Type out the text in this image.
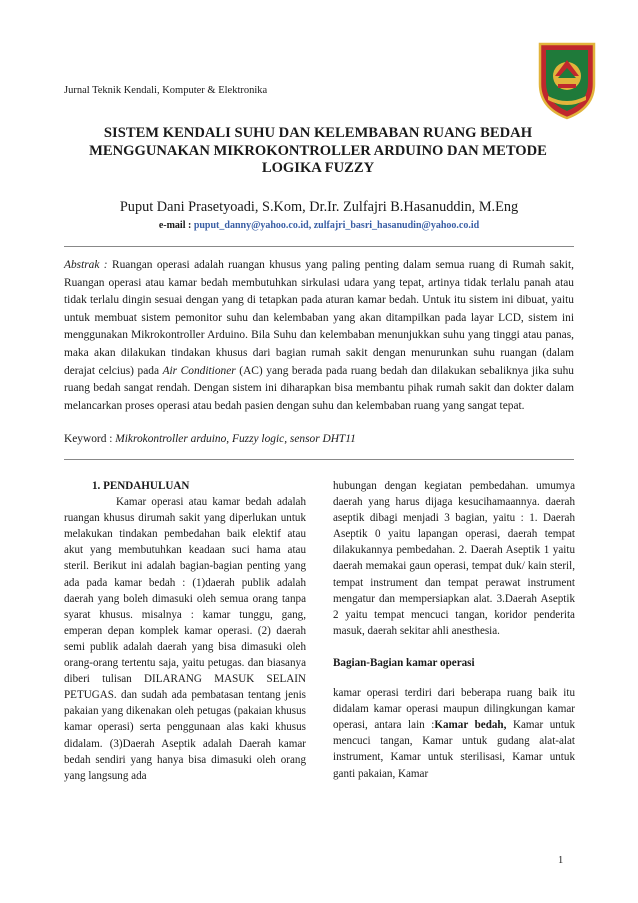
Jurnal Teknik Kendali, Komputer & Elektronika
SISTEM KENDALI SUHU DAN KELEMBABAN RUANG BEDAH
MENGGUNAKAN MIKROKONTROLLER ARDUINO DAN METODE
LOGIKA FUZZY
Puput Dani Prasetyoadi, S.Kom, Dr.Ir. Zulfajri B.Hasanuddin, M.Eng
e-mail : puput_danny@yahoo.co.id, zulfajri_basri_hasanudin@yahoo.co.id
Abstrak : Ruangan operasi adalah ruangan khusus yang paling penting dalam semua ruang di Rumah sakit, Ruangan operasi atau kamar bedah membutuhkan sirkulasi udara yang tepat, artinya tidak terlalu panah atau tidak terlalu dingin sesuai dengan yang di tetapkan pada aturan kamar bedah. Untuk itu sistem ini dibuat, yaitu untuk membuat sistem pemonitor suhu dan kelembaban yang akan ditampilkan pada layar LCD, sistem ini menggunakan Mikrokontroller Arduino. Bila Suhu dan kelembaban menunjukkan suhu yang tinggi atau panas, maka akan dilakukan tindakan khusus dari bagian rumah sakit dengan menurunkan suhu ruangan (dalam derajat celcius) pada Air Conditioner (AC) yang berada pada ruang bedah dan dilakukan sebaliknya jika suhu ruang bedah sangat rendah. Dengan sistem ini diharapkan bisa membantu pihak rumah sakit dan dokter dalam melancarkan proses operasi atau bedah pasien dengan suhu dan kelembaban ruang yang sangat tepat.
Keyword : Mikrokontroller arduino, Fuzzy logic, sensor DHT11
1. PENDAHULUAN
Kamar operasi atau kamar bedah adalah ruangan khusus dirumah sakit yang diperlukan untuk melakukan tindakan pembedahan baik elektif atau akut yang membutuhkan keadaan suci hama atau steril. Berikut ini adalah bagian-bagian penting yang ada pada kamar bedah : (1)daerah publik adalah daerah yang boleh dimasuki oleh semua orang tanpa syarat khusus. misalnya : kamar tunggu, gang, emperan depan komplek kamar operasi. (2) daerah semi publik adalah daerah yang bisa dimasuki oleh orang-orang tertentu saja, yaitu petugas. dan biasanya diberi tulisan DILARANG MASUK SELAIN PETUGAS. dan sudah ada pembatasan tentang jenis pakaian yang dikenakan oleh petugas (pakaian khusus kamar operasi) serta penggunaan alas kaki khusus didalam. (3)Daerah Aseptik adalah Daerah kamar bedah sendiri yang hanya bisa dimasuki oleh orang yang langsung ada
hubungan dengan kegiatan pembedahan. umumya daerah yang harus dijaga kesucihamaannya. daerah aseptik dibagi menjadi 3 bagian, yaitu : 1. Daerah Aseptik 0 yaitu lapangan operasi, daerah tempat dilakukannya pembedahan. 2. Daerah Aseptik 1 yaitu daerah memakai gaun operasi, tempat duk/ kain steril, tempat instrument dan tempat perawat instrument mengatur dan mempersiapkan alat. 3.Daerah Aseptik 2 yaitu tempat mencuci tangan, koridor penderita masuk, daerah sekitar ahli anesthesia.
Bagian-Bagian kamar operasi
kamar operasi terdiri dari beberapa ruang baik itu didalam kamar operasi maupun dilingkungan kamar operasi, antara lain :Kamar bedah, Kamar untuk mencuci tangan, Kamar untuk gudang alat-alat instrument, Kamar untuk sterilisasi, Kamar untuk ganti pakaian, Kamar
1
